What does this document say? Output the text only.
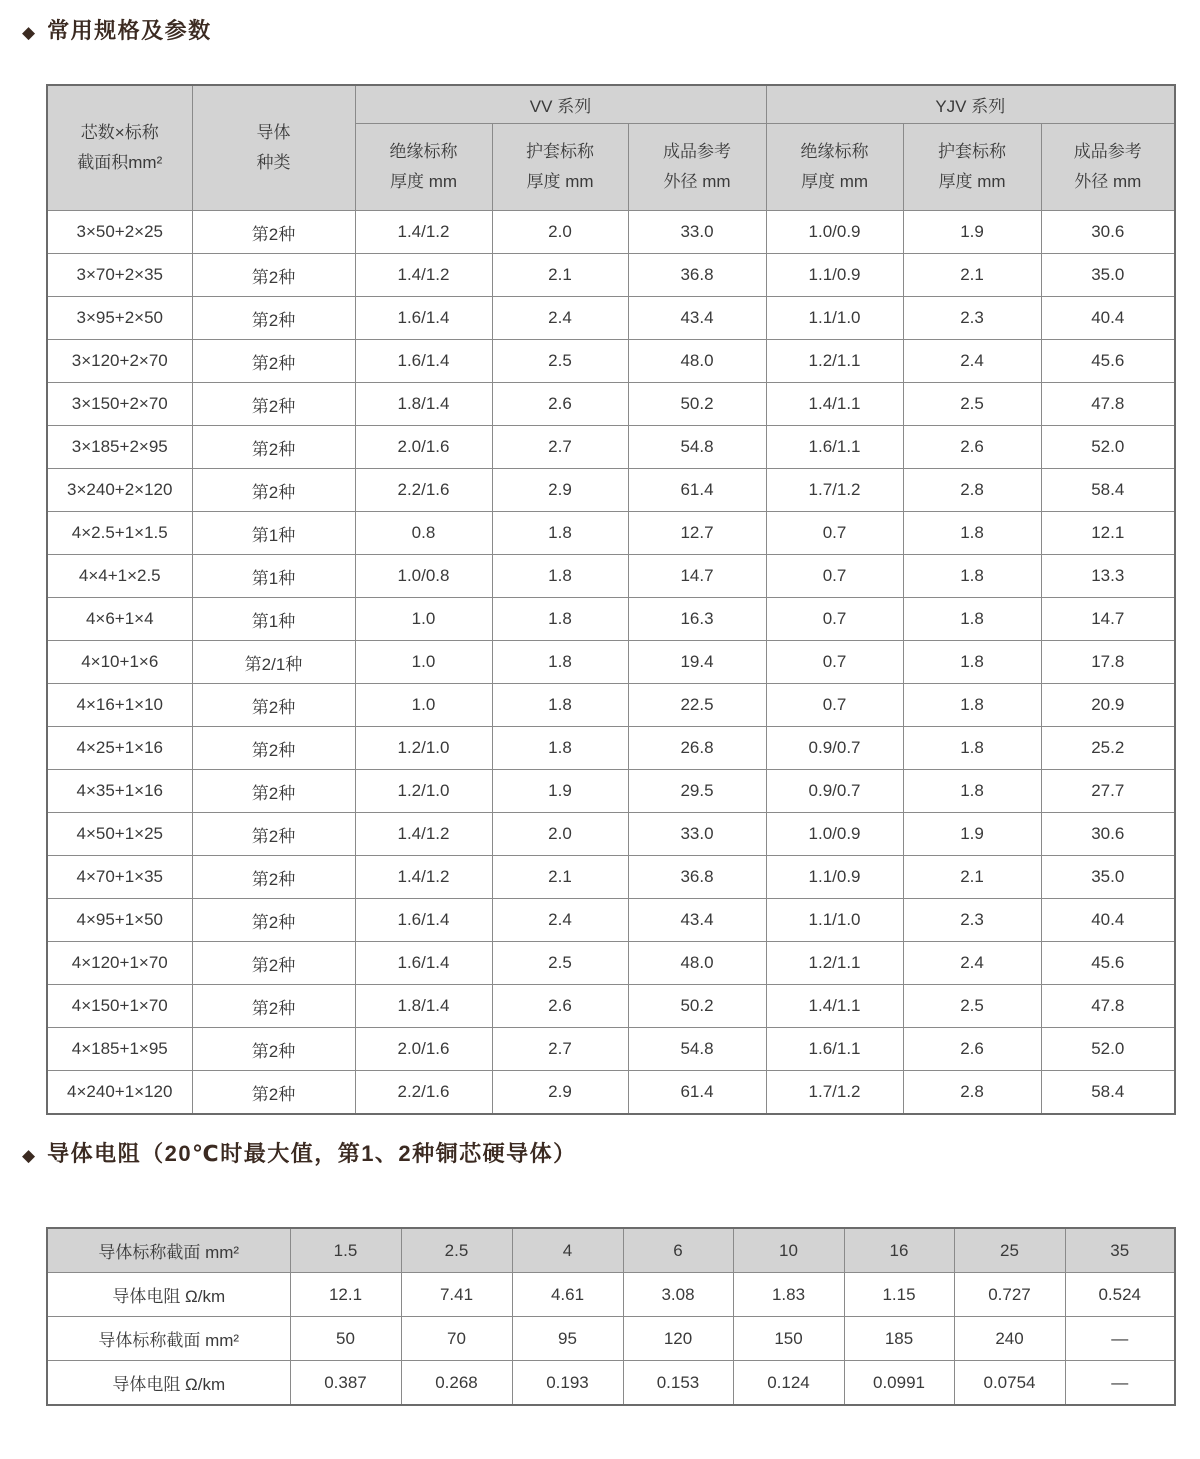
◆ 常用规格及参数
芯数×标称
截面积mm²

导体
种类
	VV 系列	YJV 系列

绝缘标称
厚度 mm

护套标称
厚度 mm

成品参考
外径 mm

绝缘标称
厚度 mm

护套标称
厚度 mm

成品参考
外径 mm

3×50+2×25	第2种	1.4/1.2	2.0	33.0	1.0/0.9	1.9	30.6
3×70+2×35	第2种	1.4/1.2	2.1	36.8	1.1/0.9	2.1	35.0
3×95+2×50	第2种	1.6/1.4	2.4	43.4	1.1/1.0	2.3	40.4
3×120+2×70	第2种	1.6/1.4	2.5	48.0	1.2/1.1	2.4	45.6
3×150+2×70	第2种	1.8/1.4	2.6	50.2	1.4/1.1	2.5	47.8
3×185+2×95	第2种	2.0/1.6	2.7	54.8	1.6/1.1	2.6	52.0
3×240+2×120	第2种	2.2/1.6	2.9	61.4	1.7/1.2	2.8	58.4
4×2.5+1×1.5	第1种	0.8	1.8	12.7	0.7	1.8	12.1
4×4+1×2.5	第1种	1.0/0.8	1.8	14.7	0.7	1.8	13.3
4×6+1×4	第1种	1.0	1.8	16.3	0.7	1.8	14.7
4×10+1×6	第2/1种	1.0	1.8	19.4	0.7	1.8	17.8
4×16+1×10	第2种	1.0	1.8	22.5	0.7	1.8	20.9
4×25+1×16	第2种	1.2/1.0	1.8	26.8	0.9/0.7	1.8	25.2
4×35+1×16	第2种	1.2/1.0	1.9	29.5	0.9/0.7	1.8	27.7
4×50+1×25	第2种	1.4/1.2	2.0	33.0	1.0/0.9	1.9	30.6
4×70+1×35	第2种	1.4/1.2	2.1	36.8	1.1/0.9	2.1	35.0
4×95+1×50	第2种	1.6/1.4	2.4	43.4	1.1/1.0	2.3	40.4
4×120+1×70	第2种	1.6/1.4	2.5	48.0	1.2/1.1	2.4	45.6
4×150+1×70	第2种	1.8/1.4	2.6	50.2	1.4/1.1	2.5	47.8
4×185+1×95	第2种	2.0/1.6	2.7	54.8	1.6/1.1	2.6	52.0
4×240+1×120	第2种	2.2/1.6	2.9	61.4	1.7/1.2	2.8	58.4
◆ 导体电阻（20℃时最大值，第1、2种铜芯硬导体）
导体标称截面 mm²	1.5	2.5	4	6	10	16	25	35
导体电阻 Ω/km	12.1	7.41	4.61	3.08	1.83	1.15	0.727	0.524
导体标称截面 mm²	50	70	95	120	150	185	240	—
导体电阻 Ω/km	0.387	0.268	0.193	0.153	0.124	0.0991	0.0754	—
